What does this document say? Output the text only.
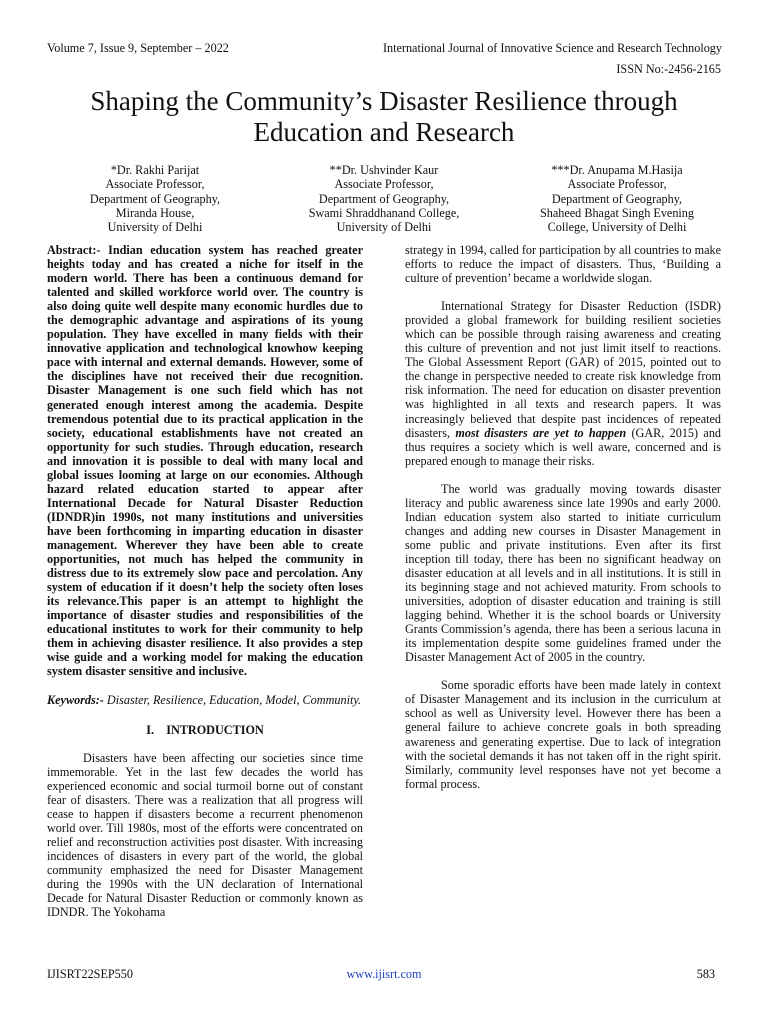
Volume 7, Issue 9, September – 2022	International Journal of Innovative Science and Research Technology
ISSN No:-2456-2165
Shaping the Community’s Disaster Resilience through Education and Research
*Dr. Rakhi Parijat
Associate Professor,
Department of Geography,
Miranda House,
University of Delhi
**Dr. Ushvinder Kaur
Associate Professor,
Department of Geography,
Swami Shraddhanand College,
University of Delhi
***Dr. Anupama M.Hasija
Associate Professor,
Department of Geography,
Shaheed Bhagat Singh Evening
College, University of Delhi

Abstract:- Indian education system has reached greater heights today and has created a niche for itself in the modern world. There has been a continuous demand for talented and skilled workforce world over. The country is also doing quite well despite many economic hurdles due to the demographic advantage and aspirations of its young population. They have excelled in many fields with their innovative application and technological knowhow keeping pace with internal and external demands. However, some of the disciplines have not received their due recognition. Disaster Management is one such field which has not generated enough interest among the academia. Despite tremendous potential due to its practical application in the society, educational establishments have not created an opportunity for such studies. Through education, research and innovation it is possible to deal with many local and global issues looming at large on our economies. Although hazard related education started to appear after International Decade for Natural Disaster Reduction (IDNDR)in 1990s, not many institutions and universities have been forthcoming in imparting education in disaster management. Wherever they have been able to create opportunities, not much has helped the community in distress due to its extremely slow pace and percolation. Any system of education if it doesn’t help the society often loses its relevance.This paper is an attempt to highlight the importance of disaster studies and responsibilities of the educational institutes to work for their community to help them in achieving disaster resilience. It also provides a step wise guide and a working model for making the education system disaster sensitive and inclusive.

Keywords:- Disaster, Resilience, Education, Model, Community.

I. INTRODUCTION

Disasters have been affecting our societies since time immemorable. Yet in the last few decades the world has experienced economic and social turmoil borne out of constant fear of disasters. There was a realization that all progress will cease to happen if disasters become a recurrent phenomenon world over. Till 1980s, most of the efforts were concentrated on relief and reconstruction activities post disaster. With increasing incidences of disasters in every part of the world, the global community emphasized the need for Disaster Management during the 1990s with the UN declaration of International Decade for Natural Disaster Reduction or commonly known as IDNDR. The Yokohama

strategy in 1994, called for participation by all countries to make efforts to reduce the impact of disasters. Thus, ‘Building a culture of prevention’ became a worldwide slogan.

International Strategy for Disaster Reduction (ISDR) provided a global framework for building resilient societies which can be possible through raising awareness and creating this culture of prevention and not just limit itself to reactions. The Global Assessment Report (GAR) of 2015, pointed out to the change in perspective needed to create risk knowledge from risk information. The need for education on disaster prevention was highlighted in all texts and research papers. It was increasingly believed that despite past incidences of repeated disasters, most disasters are yet to happen (GAR, 2015) and thus requires a society which is well aware, concerned and is prepared enough to manage their risks.

The world was gradually moving towards disaster literacy and public awareness since late 1990s and early 2000. Indian education system also started to initiate curriculum changes and adding new courses in Disaster Management in some public and private institutions. Even after its first inception till today, there has been no significant headway on disaster education at all levels and in all institutions. It is still in its beginning stage and not achieved maturity. From schools to universities, adoption of disaster education and training is still lagging behind. Whether it is the school boards or University Grants Commission’s agenda, there has been a serious lacuna in its implementation despite some guidelines framed under the Disaster Management Act of 2005 in the country.

Some sporadic efforts have been made lately in context of Disaster Management and its inclusion in the curriculum at school as well as University level. However there has been a general failure to achieve concrete goals in both spreading awareness and generating expertise. Due to lack of integration with the societal demands it has not taken off in the right spirit. Similarly, community level responses have not yet become a formal process.

IJISRT22SEP550	www.ijisrt.com	583
